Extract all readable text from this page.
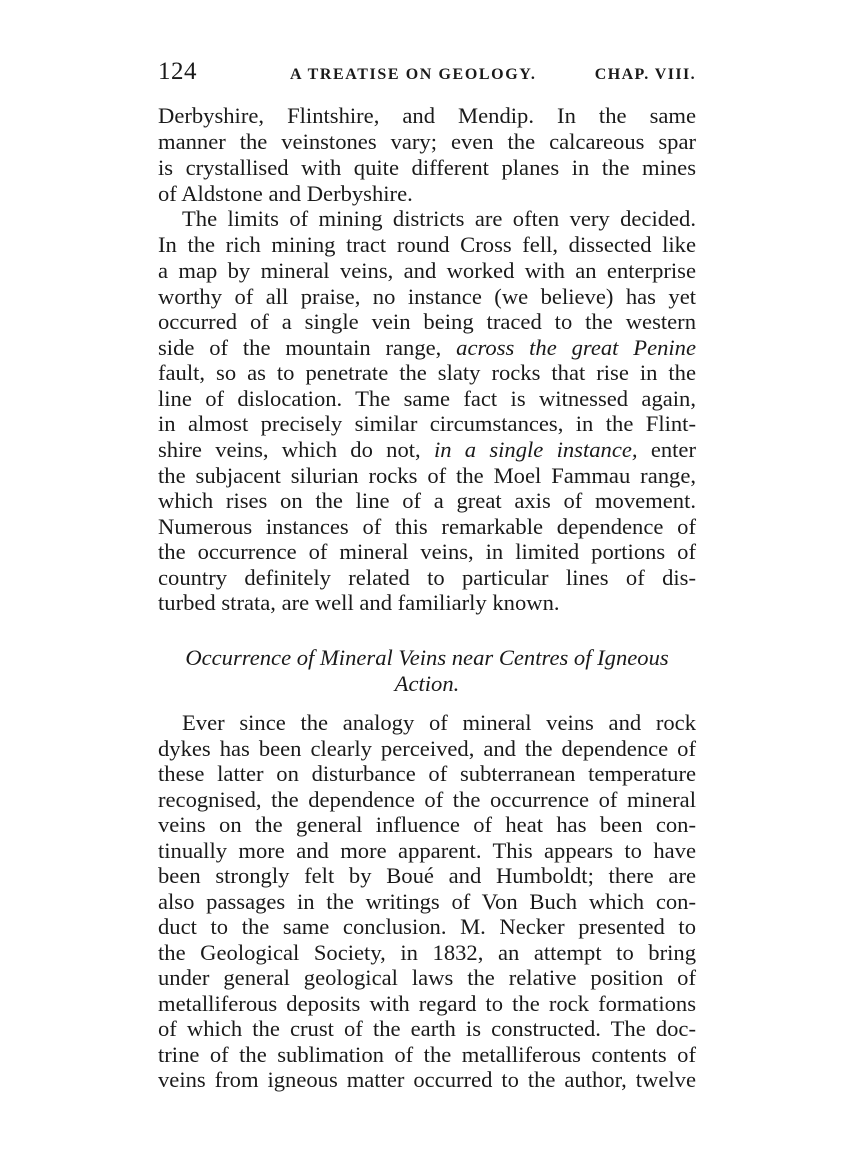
124	A TREATISE ON GEOLOGY.	CHAP. VIII.
Derbyshire, Flintshire, and Mendip. In the same
manner the veinstones vary; even the calcareous spar
is crystallised with quite different planes in the mines
of Aldstone and Derbyshire.
The limits of mining districts are often very decided.
In the rich mining tract round Cross fell, dissected like
a map by mineral veins, and worked with an enterprise
worthy of all praise, no instance (we believe) has yet
occurred of a single vein being traced to the western
side of the mountain range, across the great Penine
fault, so as to penetrate the slaty rocks that rise in the
line of dislocation. The same fact is witnessed again,
in almost precisely similar circumstances, in the Flint-
shire veins, which do not, in a single instance, enter
the subjacent silurian rocks of the Moel Fammau range,
which rises on the line of a great axis of movement.
Numerous instances of this remarkable dependence of
the occurrence of mineral veins, in limited portions of
country definitely related to particular lines of dis-
turbed strata, are well and familiarly known.
Occurrence of Mineral Veins near Centres of Igneous
Action.
Ever since the analogy of mineral veins and rock
dykes has been clearly perceived, and the dependence of
these latter on disturbance of subterranean temperature
recognised, the dependence of the occurrence of mineral
veins on the general influence of heat has been con-
tinually more and more apparent. This appears to have
been strongly felt by Boué and Humboldt; there are
also passages in the writings of Von Buch which con-
duct to the same conclusion. M. Necker presented to
the Geological Society, in 1832, an attempt to bring
under general geological laws the relative position of
metalliferous deposits with regard to the rock formations
of which the crust of the earth is constructed. The doc-
trine of the sublimation of the metalliferous contents of
veins from igneous matter occurred to the author, twelve
